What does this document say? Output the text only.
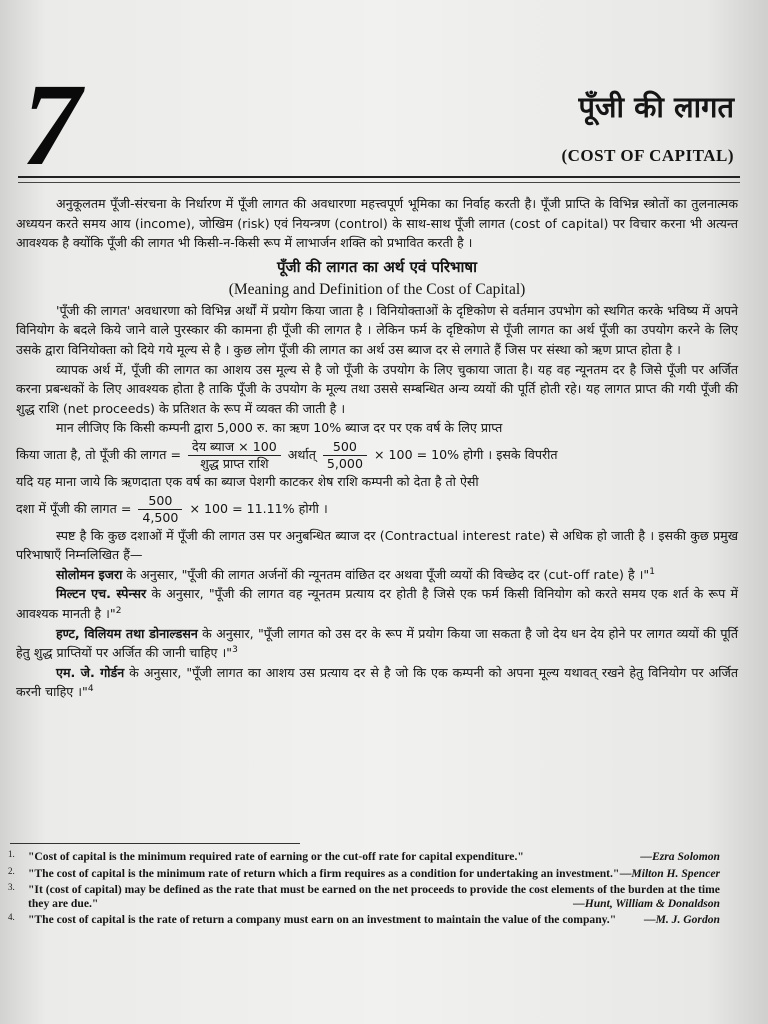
7	पूँजी की लागत
(COST OF CAPITAL)

अनुकूलतम पूँजी-संरचना के निर्धारण में पूँजी लागत की अवधारणा महत्त्वपूर्ण भूमिका का निर्वाह करती है। पूँजी प्राप्ति के विभिन्न स्त्रोतों का तुलनात्मक अध्ययन करते समय आय (income), जोखिम (risk) एवं नियन्त्रण (control) के साथ-साथ पूँजी लागत (cost of capital) पर विचार करना भी अत्यन्त आवश्यक है क्योंकि पूँजी की लागत भी किसी-न-किसी रूप में लाभार्जन शक्ति को प्रभावित करती है ।

पूँजी की लागत का अर्थ एवं परिभाषा

(Meaning and Definition of the Cost of Capital)

'पूँजी की लागत' अवधारणा को विभिन्न अर्थों में प्रयोग किया जाता है । विनियोक्ताओं के दृष्टिकोण से वर्तमान उपभोग को स्थगित करके भविष्य में अपने विनियोग के बदले किये जाने वाले पुरस्कार की कामना ही पूँजी की लागत है । लेकिन फर्म के दृष्टिकोण से पूँजी लागत का अर्थ पूँजी का उपयोग करने के लिए उसके द्वारा विनियोक्ता को दिये गये मूल्य से है । कुछ लोग पूँजी की लागत का अर्थ उस ब्याज दर से लगाते हैं जिस पर संस्था को ऋण प्राप्त होता है ।

व्यापक अर्थ में, पूँजी की लागत का आशय उस मूल्य से है जो पूँजी के उपयोग के लिए चुकाया जाता है। यह वह न्यूनतम दर है जिसे पूँजी पर अर्जित करना प्रबन्धकों के लिए आवश्यक होता है ताकि पूँजी के उपयोग के मूल्य तथा उससे सम्बन्धित अन्य व्ययों की पूर्ति होती रहे। यह लागत प्राप्त की गयी पूँजी की शुद्ध राशि (net proceeds) के प्रतिशत के रूप में व्यक्त की जाती है ।

मान लीजिए कि किसी कम्पनी द्वारा 5,000 रु. का ऋण 10% ब्याज दर पर एक वर्ष के लिए प्राप्त

किया जाता है, तो पूँजी की लागत = $\frac{\text{देय ब्याज × 100}}{\text{शुद्ध प्राप्त राशि}}$ अर्थात् $\frac{500}{5,000} \times 100 = 10\%$ होगी । इसके विपरीत

यदि यह माना जाये कि ऋणदाता एक वर्ष का ब्याज पेशगी काटकर शेष राशि कम्पनी को देता है तो ऐसी

दशा में पूँजी की लागत = $\frac{500}{4,500} \times 100 = 11.11\%$ होगी ।

स्पष्ट है कि कुछ दशाओं में पूँजी की लागत उस पर अनुबन्धित ब्याज दर (Contractual interest rate) से अधिक हो जाती है । इसकी कुछ प्रमुख परिभाषाएँ निम्नलिखित हैं—

सोलोमन इजरा के अनुसार, "पूँजी की लागत अर्जनों की न्यूनतम वांछित दर अथवा पूँजी व्ययों की विच्छेद दर (cut-off rate) है ।"$^1$

मिल्टन एच. स्पेन्सर के अनुसार, "पूँजी की लागत वह न्यूनतम प्रत्याय दर होती है जिसे एक फर्म किसी विनियोग को करते समय एक शर्त के रूप में आवश्यक मानती है ।"$^2$

हण्ट, विलियम तथा डोनाल्डसन के अनुसार, "पूँजी लागत को उस दर के रूप में प्रयोग किया जा सकता है जो देय धन देय होने पर लागत व्ययों की पूर्ति हेतु शुद्ध प्राप्तियों पर अर्जित की जानी चाहिए ।"$^3$

एम. जे. गोर्डन के अनुसार, "पूँजी लागत का आशय उस प्रत्याय दर से है जो कि एक कम्पनी को अपना मूल्य यथावत् रखने हेतु विनियोग पर अर्जित करनी चाहिए ।"$^4$

1. "Cost of capital is the minimum required rate of earning or the cut-off rate for capital expenditure."	—Ezra Solomon
2. "The cost of capital is the minimum rate of return which a firm requires as a condition for undertaking an investment." —Milton H. Spencer
3. "It (cost of capital) may be defined as the rate that must be earned on the net proceeds to provide the cost elements of the burden at the time they are due."	—Hunt, William & Donaldson
4. "The cost of capital is the rate of return a company must earn on an investment to maintain the value of the company." —M. J. Gordon
